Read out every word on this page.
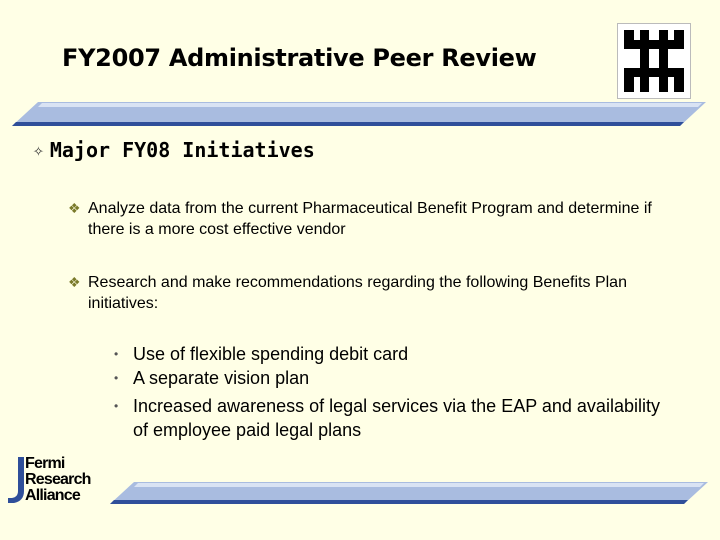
FY2007 Administrative Peer Review
✧ Major FY08 Initiatives
❖ Analyze data from the current Pharmaceutical Benefit Program and determine if there is a more cost effective vendor
❖ Research and make recommendations regarding the following Benefits Plan initiatives:
• Use of flexible spending debit card
• A separate vision plan
• Increased awareness of legal services via the EAP and availability of employee paid legal plans
Fermi
Research
Alliance
